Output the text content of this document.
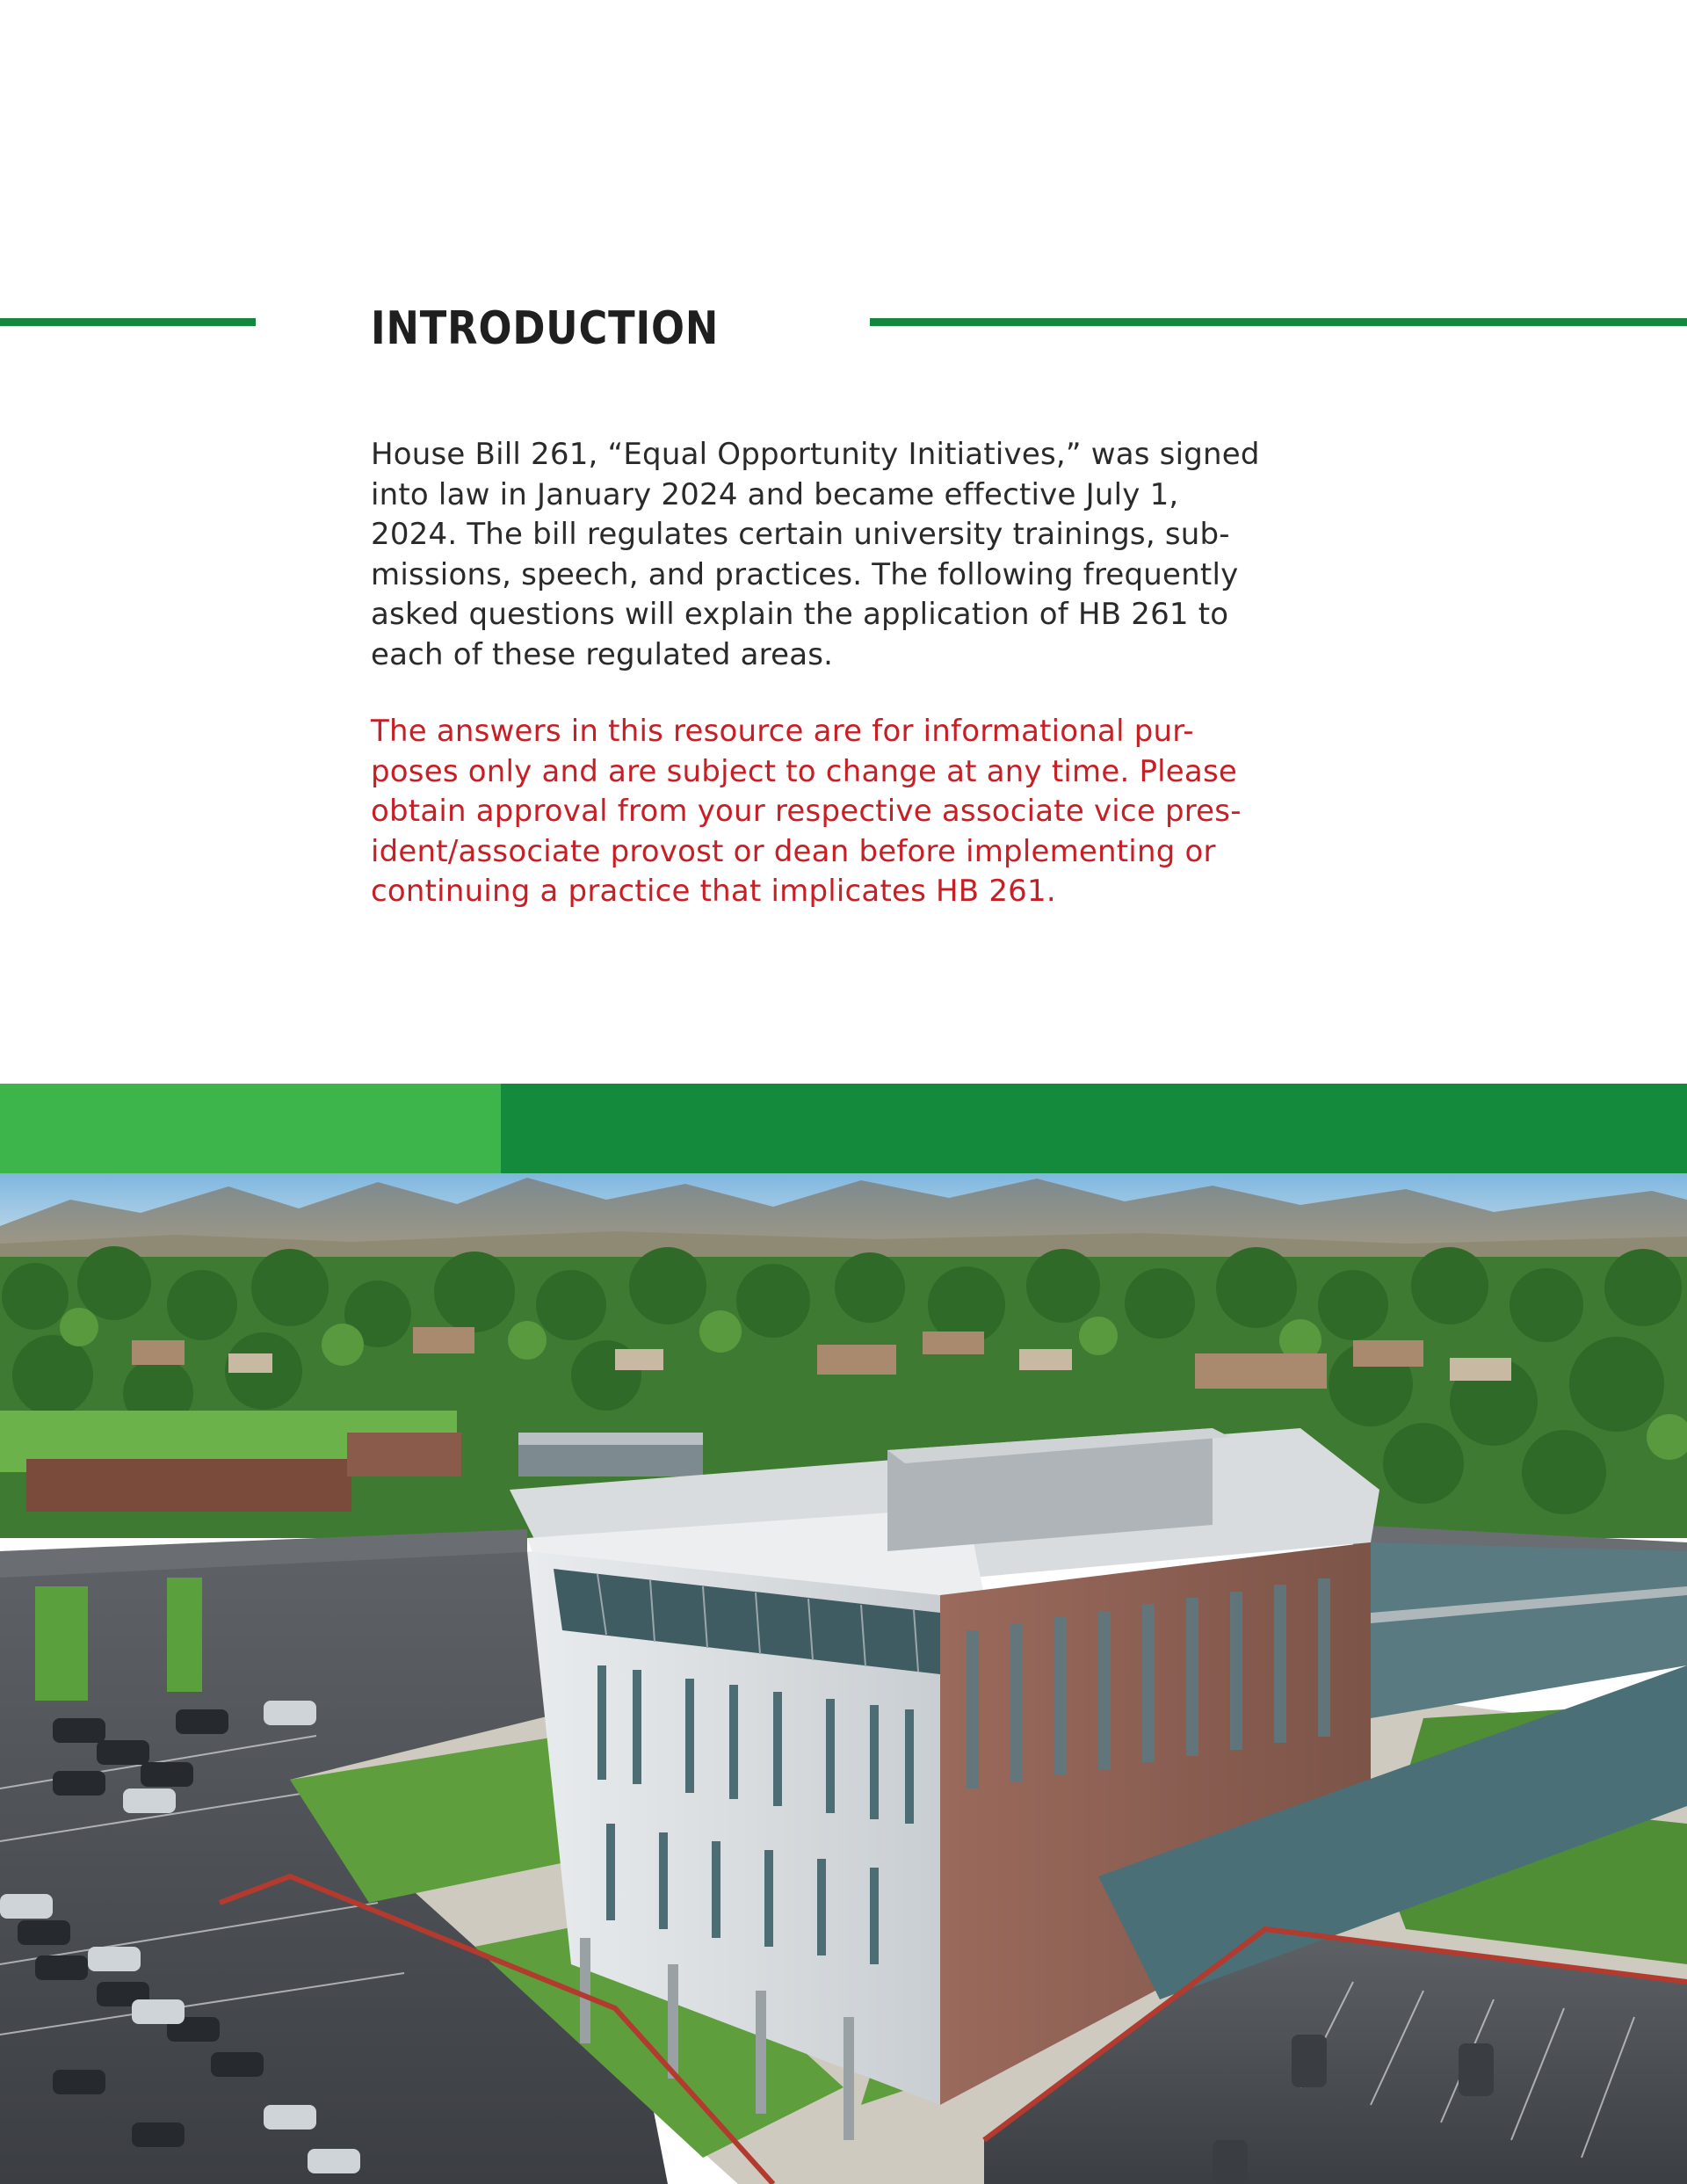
INTRODUCTION

House Bill 261, “Equal Opportunity Initiatives,” was signed
into law in January 2024 and became effective July 1,
2024. The bill regulates certain university trainings, sub-
missions, speech, and practices. The following frequently
asked questions will explain the application of HB 261 to
each of these regulated areas.

The answers in this resource are for informational pur-
poses only and are subject to change at any time. Please
obtain approval from your respective associate vice pres-
ident/associate provost or dean before implementing or
continuing a practice that implicates HB 261.
